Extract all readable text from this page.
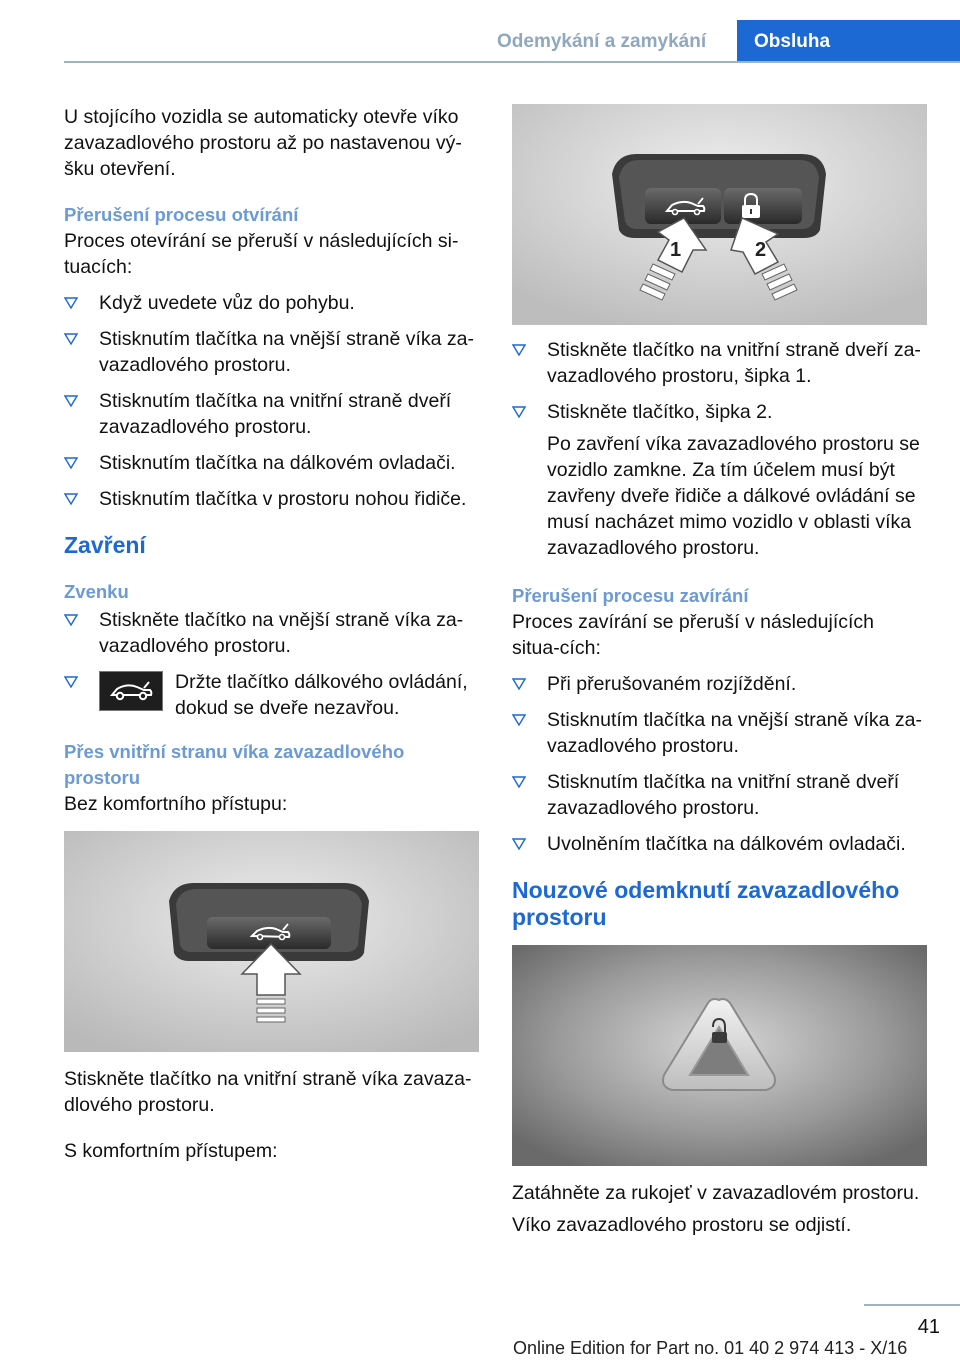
Odemykání a zamykání	Obsluha

U stojícího vozidla se automaticky otevře víko zavazadlového prostoru až po nastavenou vý‐šku otevření.

Přerušení procesu otvírání

Proces otevírání se přeruší v následujících si‐tuacích:

Když uvedete vůz do pohybu.
Stisknutím tlačítka na vnější straně víka za‐vazadlového prostoru.
Stisknutím tlačítka na vnitřní straně dveří zavazadlového prostoru.
Stisknutím tlačítka na dálkovém ovladači.
Stisknutím tlačítka v prostoru nohou řidiče.

Zavření

Zvenku

Stiskněte tlačítko na vnější straně víka za‐vazadlového prostoru.
Držte tlačítko dálkového ovládání, dokud se dveře nezavřou.

Přes vnitřní stranu víka zavazadlového prostoru

Bez komfortního přístupu:

Stiskněte tlačítko na vnitřní straně víka zavaza‐dlového prostoru.

S komfortním přístupem:

1	2
Stiskněte tlačítko na vnitřní straně dveří za‐vazadlového prostoru, šipka 1.
Stiskněte tlačítko, šipka 2.
Po zavření víka zavazadlového prostoru se vozidlo zamkne. Za tím účelem musí být zavřeny dveře řidiče a dálkové ovládání se musí nacházet mimo vozidlo v oblasti víka zavazadlového prostoru.

Přerušení procesu zavírání

Proces zavírání se přeruší v následujících situa‐cích:

Při přerušovaném rozjíždění.
Stisknutím tlačítka na vnější straně víka za‐vazadlového prostoru.
Stisknutím tlačítka na vnitřní straně dveří zavazadlového prostoru.
Uvolněním tlačítka na dálkovém ovladači.

Nouzové odemknutí zavazadlového prostoru

Zatáhněte za rukojeť v zavazadlovém prostoru.

Víko zavazadlového prostoru se odjistí.

41
Online Edition for Part no. 01 40 2 974 413 - X/16
